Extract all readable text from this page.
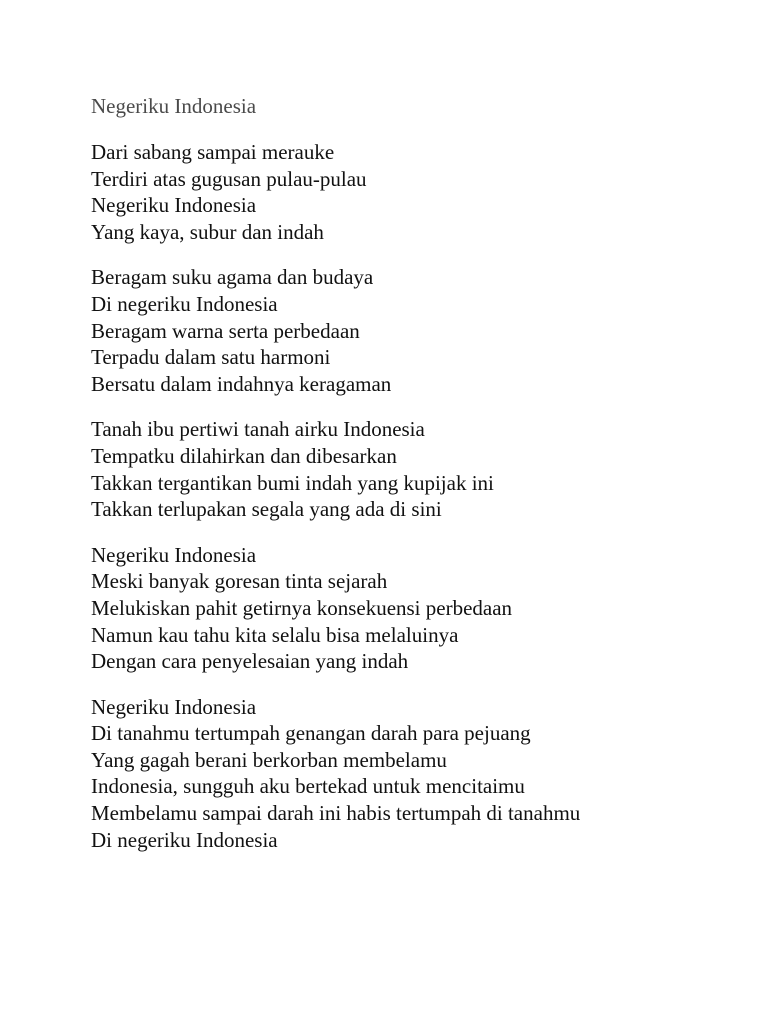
Negeriku Indonesia
Dari sabang sampai merauke
Terdiri atas gugusan pulau-pulau
Negeriku Indonesia
Yang kaya, subur dan indah
Beragam suku agama dan budaya
Di negeriku Indonesia
Beragam warna serta perbedaan
Terpadu dalam satu harmoni
Bersatu dalam indahnya keragaman
Tanah ibu pertiwi tanah airku Indonesia
Tempatku dilahirkan dan dibesarkan
Takkan tergantikan bumi indah yang kupijak ini
Takkan terlupakan segala yang ada di sini
Negeriku Indonesia
Meski banyak goresan tinta sejarah
Melukiskan pahit getirnya konsekuensi perbedaan
Namun kau tahu kita selalu bisa melaluinya
Dengan cara penyelesaian yang indah
Negeriku Indonesia
Di tanahmu tertumpah genangan darah para pejuang
Yang gagah berani berkorban membelamu
Indonesia, sungguh aku bertekad untuk mencitaimu
Membelamu sampai darah ini habis tertumpah di tanahmu
Di negeriku Indonesia
